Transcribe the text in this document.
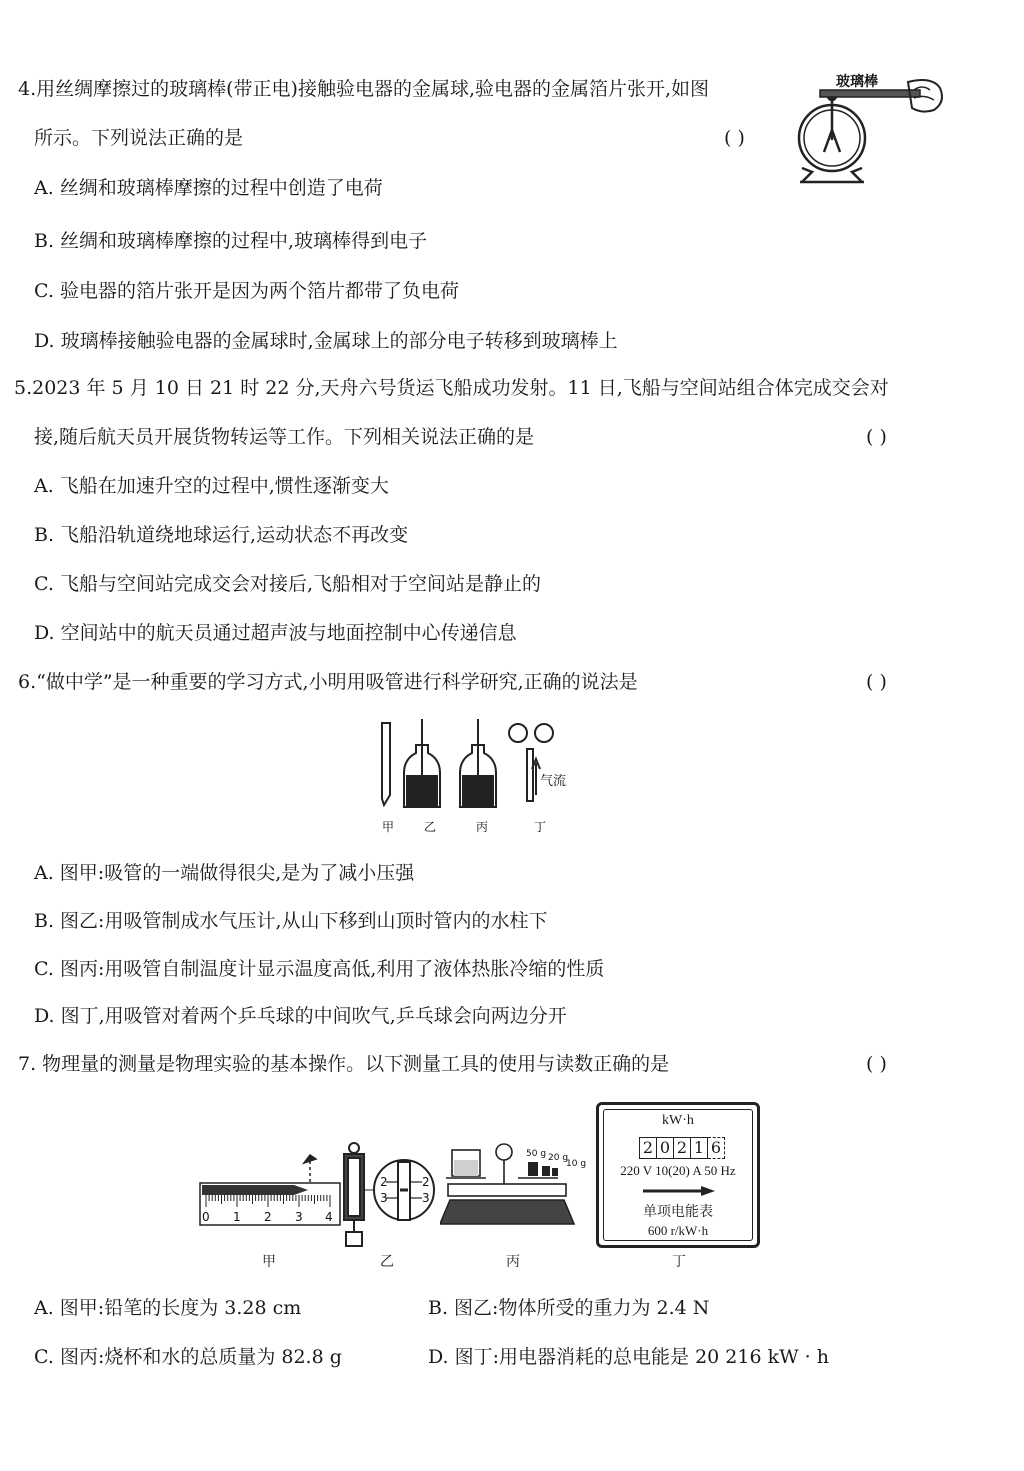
4.用丝绸摩擦过的玻璃棒(带正电)接触验电器的金属球,验电器的金属箔片张开,如图
所示。下列说法正确的是	( )
A. 丝绸和玻璃棒摩擦的过程中创造了电荷
B. 丝绸和玻璃棒摩擦的过程中,玻璃棒得到电子
C. 验电器的箔片张开是因为两个箔片都带了负电荷
D. 玻璃棒接触验电器的金属球时,金属球上的部分电子转移到玻璃棒上
玻璃棒
5.2023 年 5 月 10 日 21 时 22 分,天舟六号货运飞船成功发射。11 日,飞船与空间站组合体完成交会对
接,随后航天员开展货物转运等工作。下列相关说法正确的是	( )
A. 飞船在加速升空的过程中,惯性逐渐变大
B. 飞船沿轨道绕地球运行,运动状态不再改变
C. 飞船与空间站完成交会对接后,飞船相对于空间站是静止的
D. 空间站中的航天员通过超声波与地面控制中心传递信息
6.“做中学”是一种重要的学习方式,小明用吸管进行科学研究,正确的说法是	( )
气流
甲 乙	丙	丁
A. 图甲:吸管的一端做得很尖,是为了减小压强
B. 图乙:用吸管制成水气压计,从山下移到山顶时管内的水柱下
C. 图丙:用吸管自制温度计显示温度高低,利用了液体热胀冷缩的性质
D. 图丁,用吸管对着两个乒乓球的中间吹气,乒乓球会向两边分开
7. 物理量的测量是物理实验的基本操作。以下测量工具的使用与读数正确的是	( )
0 1 2 3 4
2
3
2
3
50 g 20 g
10 g
kW·h
2 0 2 1 6
220 V 10(20) A 50 Hz
单项电能表
600 r/kW·h
甲	乙	丙	丁
A. 图甲:铅笔的长度为 3.28 cm	B. 图乙:物体所受的重力为 2.4 N
C. 图丙:烧杯和水的总质量为 82.8 g	D. 图丁:用电器消耗的总电能是 20 216 kW · h
